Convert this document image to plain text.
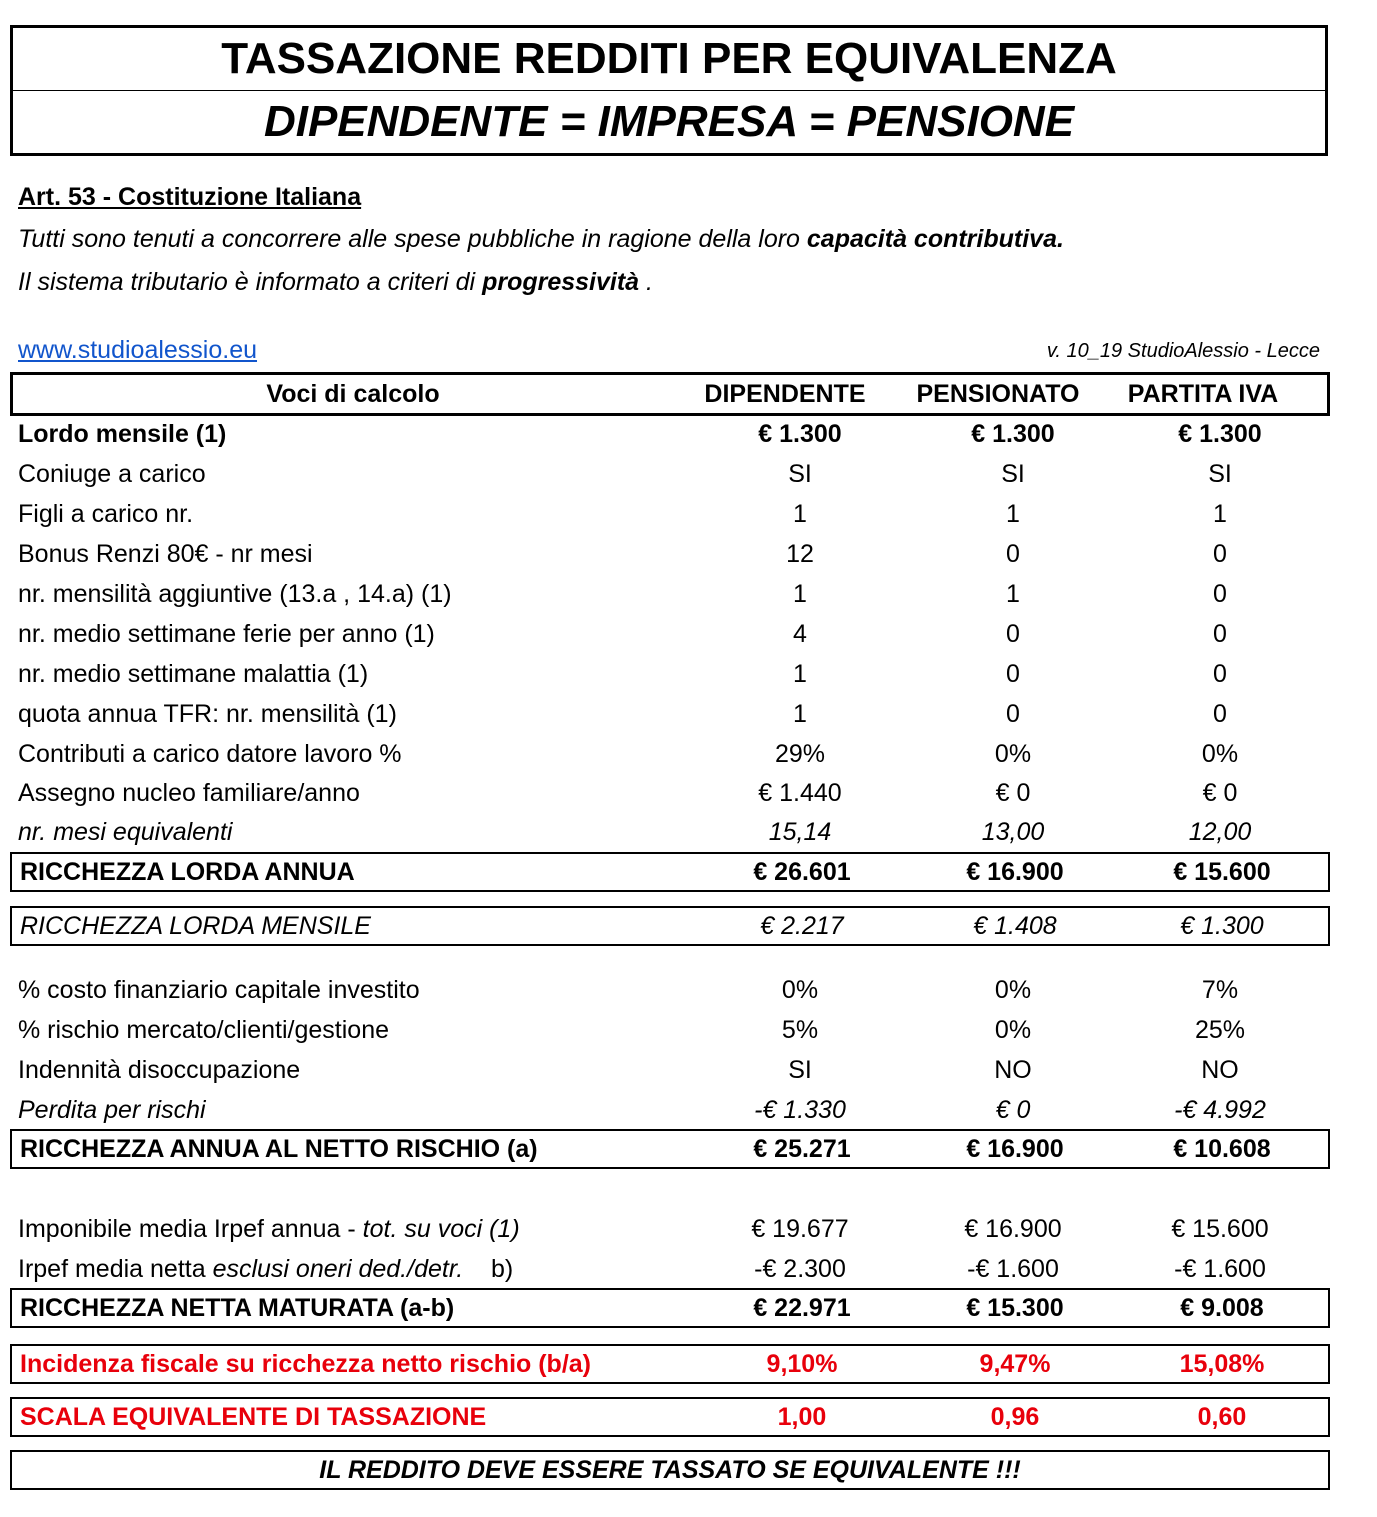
TASSAZIONE REDDITI PER EQUIVALENZA
DIPENDENTE = IMPRESA = PENSIONE
Art. 53 - Costituzione Italiana
Tutti sono tenuti a concorrere alle spese pubbliche in ragione della loro capacità contributiva.
Il sistema tributario è informato a criteri di progressività .
www.studioalessio.eu	v. 10_19 StudioAlessio - Lecce
Voci di calcolo	DIPENDENTE	PENSIONATO	PARTITA IVA
Lordo mensile (1)	€ 1.300	€ 1.300	€ 1.300
Coniuge a carico	SI	SI	SI
Figli a carico nr.	1	1	1
Bonus Renzi 80€ - nr mesi	12	0	0
nr. mensilità aggiuntive (13.a , 14.a) (1)	1	1	0
nr. medio settimane ferie per anno (1)	4	0	0
nr. medio settimane malattia (1)	1	0	0
quota annua TFR: nr. mensilità (1)	1	0	0
Contributi a carico datore lavoro %	29%	0%	0%
Assegno nucleo familiare/anno	€ 1.440	€ 0	€ 0
nr. mesi equivalenti	15,14	13,00	12,00
RICCHEZZA LORDA ANNUA	€ 26.601	€ 16.900	€ 15.600
RICCHEZZA LORDA MENSILE	€ 2.217	€ 1.408	€ 1.300
% costo finanziario capitale investito	0%	0%	7%
% rischio mercato/clienti/gestione	5%	0%	25%
Indennità disoccupazione	SI	NO	NO
Perdita per rischi	-€ 1.330	€ 0	-€ 4.992
RICCHEZZA ANNUA AL NETTO RISCHIO (a)	€ 25.271	€ 16.900	€ 10.608
Imponibile media Irpef annua - tot. su voci (1)	€ 19.677	€ 16.900	€ 15.600
Irpef media netta esclusi oneri ded./detr.    b)	-€ 2.300	-€ 1.600	-€ 1.600
RICCHEZZA NETTA MATURATA (a-b)	€ 22.971	€ 15.300	€ 9.008
Incidenza fiscale su ricchezza netto rischio (b/a)	9,10%	9,47%	15,08%
SCALA EQUIVALENTE DI TASSAZIONE	1,00	0,96	0,60
IL REDDITO DEVE ESSERE TASSATO SE EQUIVALENTE !!!
